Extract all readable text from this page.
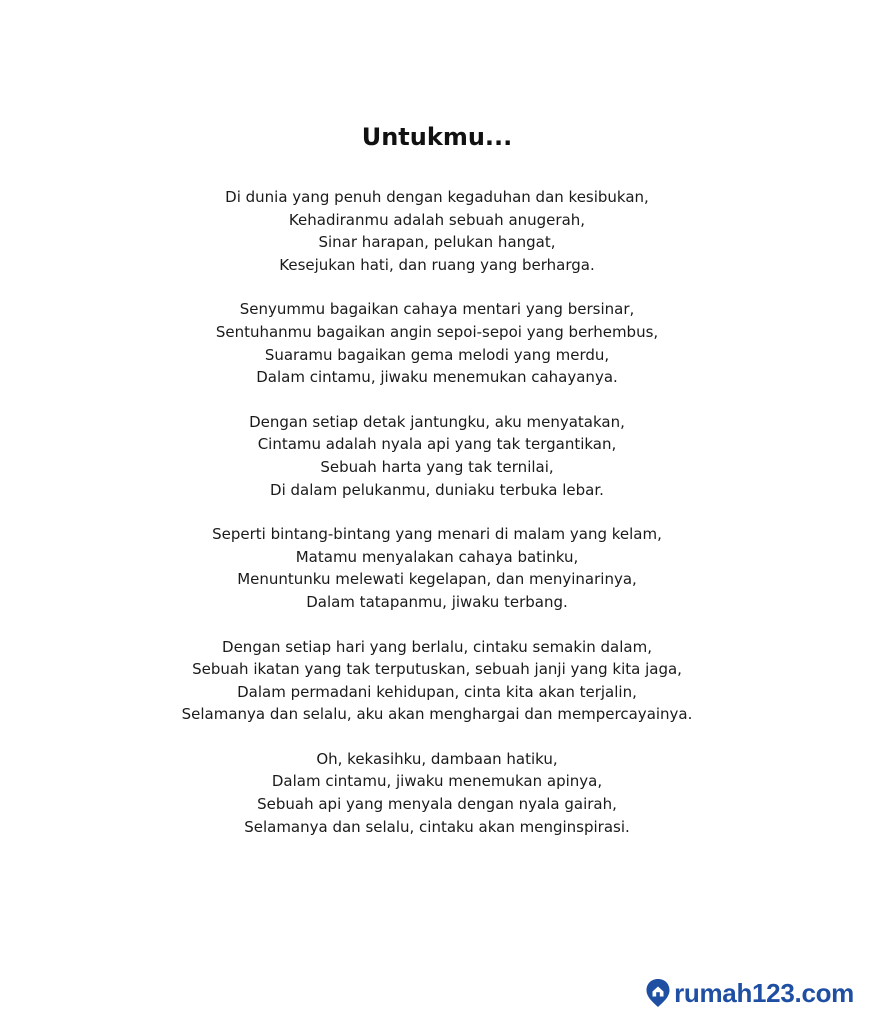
Untukmu...
Di dunia yang penuh dengan kegaduhan dan kesibukan,
Kehadiranmu adalah sebuah anugerah,
Sinar harapan, pelukan hangat,
Kesejukan hati, dan ruang yang berharga.
Senyummu bagaikan cahaya mentari yang bersinar,
Sentuhanmu bagaikan angin sepoi-sepoi yang berhembus,
Suaramu bagaikan gema melodi yang merdu,
Dalam cintamu, jiwaku menemukan cahayanya.
Dengan setiap detak jantungku, aku menyatakan,
Cintamu adalah nyala api yang tak tergantikan,
Sebuah harta yang tak ternilai,
Di dalam pelukanmu, duniaku terbuka lebar.
Seperti bintang-bintang yang menari di malam yang kelam,
Matamu menyalakan cahaya batinku,
Menuntunku melewati kegelapan, dan menyinarinya,
Dalam tatapanmu, jiwaku terbang.
Dengan setiap hari yang berlalu, cintaku semakin dalam,
Sebuah ikatan yang tak terputuskan, sebuah janji yang kita jaga,
Dalam permadani kehidupan, cinta kita akan terjalin,
Selamanya dan selalu, aku akan menghargai dan mempercayainya.
Oh, kekasihku, dambaan hatiku,
Dalam cintamu, jiwaku menemukan apinya,
Sebuah api yang menyala dengan nyala gairah,
Selamanya dan selalu, cintaku akan menginspirasi.
rumah123.com
